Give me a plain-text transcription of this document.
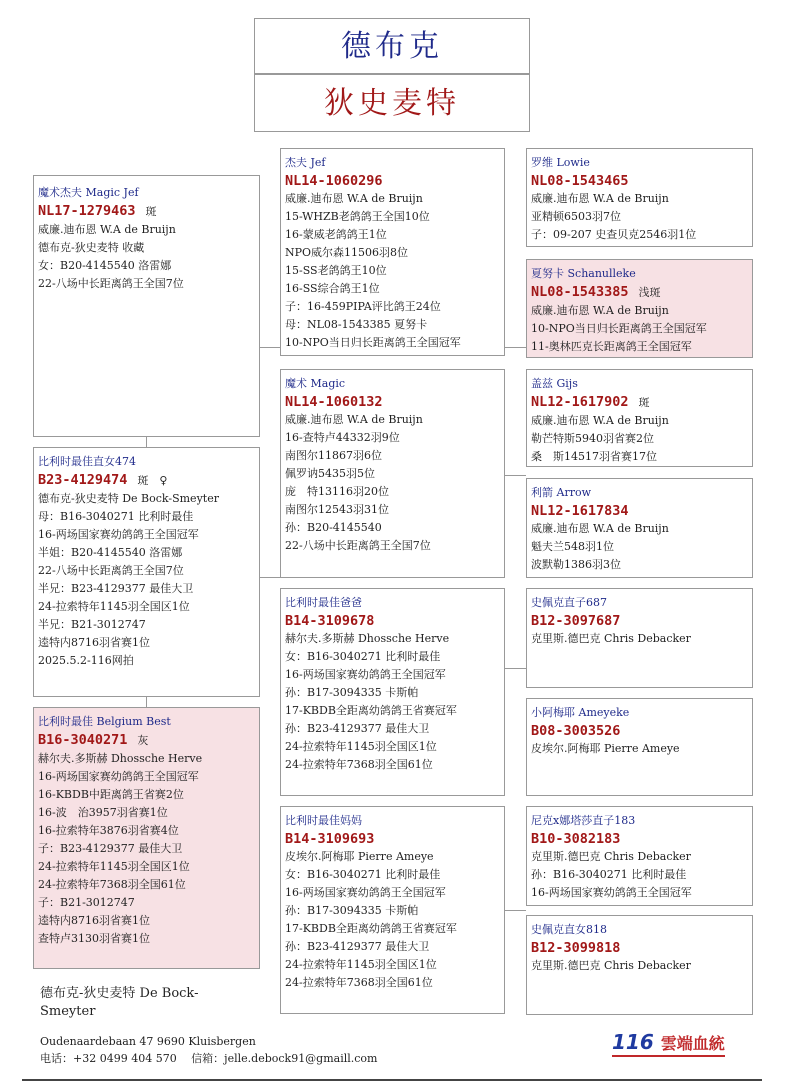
德布克
狄史麦特
魔术杰夫 Magic Jef
NL17-1279463 斑
威廉.迪布恩 W.A de Bruijn
德布克-狄史麦特 收藏
女：B20-4145540 洛雷娜
22-八场中长距离鸽王全国7位
比利时最佳直女474
B23-4129474 斑　♀
德布克-狄史麦特 De Bock-Smeyter
母：B16-3040271 比利时最佳
16-两场国家赛幼鸽鸽王全国冠军
半姐：B20-4145540 洛雷娜
22-八场中长距离鸽王全国7位
半兄：B23-4129377 最佳大卫
24-拉索特年1145羽全国区1位
半兄：B21-3012747
逵特内8716羽省赛1位
2025.5.2-116网拍
比利时最佳 Belgium Best
B16-3040271 灰
赫尔夫.多斯赫 Dhossche Herve
16-两场国家赛幼鸽鸽王全国冠军
16-KBDB中距离鸽王省赛2位
16-波　治3957羽省赛1位
16-拉索特年3876羽省赛4位
子：B23-4129377 最佳大卫
24-拉索特年1145羽全国区1位
24-拉索特年7368羽全国61位
子：B21-3012747
逵特内8716羽省赛1位
查特卢3130羽省赛1位
杰夫 Jef
NL14-1060296
威廉.迪布恩 W.A de Bruijn
15-WHZB老鸽鸽王全国10位
16-蒙威老鸽鸽王1位
NPO威尔森11506羽8位
15-SS老鸽鸽王10位
16-SS综合鸽王1位
子：16-459PIPA评比鸽王24位
母：NL08-1543385 夏努卡
10-NPO当日归长距离鸽王全国冠军
魔术 Magic
NL14-1060132
威廉.迪布恩 W.A de Bruijn
16-查特卢44332羽9位
南图尔11867羽6位
佩罗讷5435羽5位
庞　特13116羽20位
南图尔12543羽31位
孙：B20-4145540
22-八场中长距离鸽王全国7位
比利时最佳爸爸
B14-3109678
赫尔夫.多斯赫 Dhossche Herve
女：B16-3040271 比利时最佳
16-两场国家赛幼鸽鸽王全国冠军
孙：B17-3094335 卡斯帕
17-KBDB全距离幼鸽鸽王省赛冠军
孙：B23-4129377 最佳大卫
24-拉索特年1145羽全国区1位
24-拉索特年7368羽全国61位
比利时最佳妈妈
B14-3109693
皮埃尔.阿梅耶 Pierre Ameye
女：B16-3040271 比利时最佳
16-两场国家赛幼鸽鸽王全国冠军
孙：B17-3094335 卡斯帕
17-KBDB全距离幼鸽鸽王省赛冠军
孙：B23-4129377 最佳大卫
24-拉索特年1145羽全国区1位
24-拉索特年7368羽全国61位
罗维 Lowie
NL08-1543465
威廉.迪布恩 W.A de Bruijn
亚精顿6503羽7位
子：09-207 史查贝克2546羽1位
夏努卡 Schanulleke
NL08-1543385 浅斑
威廉.迪布恩 W.A de Bruijn
10-NPO当日归长距离鸽王全国冠军
11-奥林匹克长距离鸽王全国冠军
盖兹 Gijs
NL12-1617902 斑
威廉.迪布恩 W.A de Bruijn
勒芒特斯5940羽省赛2位
桑　斯14517羽省赛17位
利箭 Arrow
NL12-1617834
威廉.迪布恩 W.A de Bruijn
魁夫兰548羽1位
波默勒1386羽3位
史佩克直子687
B12-3097687
克里斯.德巴克 Chris Debacker
小阿梅耶 Ameyeke
B08-3003526
皮埃尔.阿梅耶 Pierre Ameye
尼克x娜塔莎直子183
B10-3082183
克里斯.德巴克 Chris Debacker
孙：B16-3040271 比利时最佳
16-两场国家赛幼鸽鸽王全国冠军
史佩克直女818
B12-3099818
克里斯.德巴克 Chris Debacker
德布克-狄史麦特 De Bock-Smeyter
Oudenaardebaan 47 9690 Kluisbergen
电话：+32 0499 404 570　 信箱：jelle.debock91@gmaill.com
116 雲端血統
